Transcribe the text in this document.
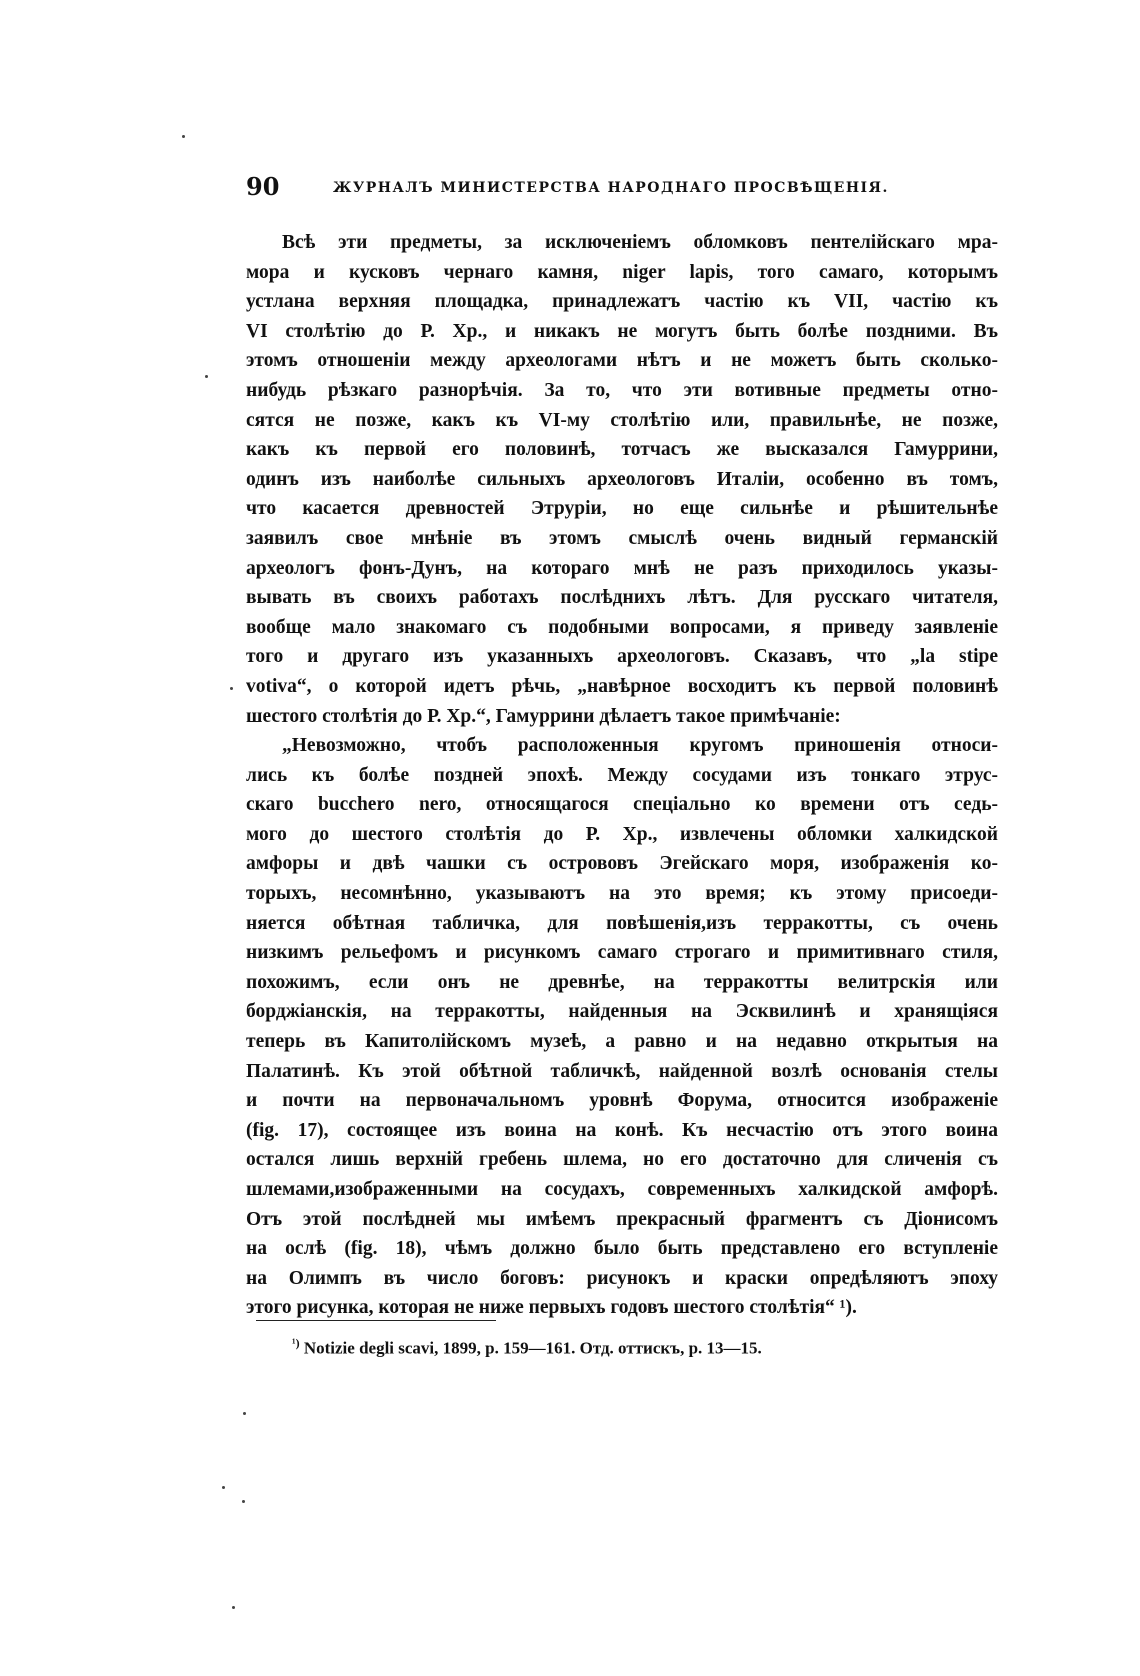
90	ЖУРНАЛЪ МИНИСТЕРСТВА НАРОДНАГО ПРОСВѢЩЕНІЯ.
Всѣ эти предметы, за исключеніемъ обломковъ пентелійскаго мра-
мора и кусковъ чернаго камня, niger lapis, того самаго, которымъ
устлана верхняя площадка, принадлежатъ частію къ VII, частію къ
VI столѣтію до Р. Хр., и никакъ не могутъ быть болѣе поздними. Въ
этомъ отношеніи между археологами нѣтъ и не можетъ быть сколько-
нибудь рѣзкаго разнорѣчія. За то, что эти вотивные предметы отно-
сятся не позже, какъ къ VI-му столѣтію или, правильнѣе, не позже,
какъ къ первой его половинѣ, тотчасъ же высказался Гамуррини,
одинъ изъ наиболѣе сильныхъ археологовъ Италіи, особенно въ томъ,
что касается древностей Этруріи, но еще сильнѣе и рѣшительнѣе
заявилъ свое мнѣніе въ этомъ смыслѣ очень видный германскій
археологъ фонъ-Дунъ, на котораго мнѣ не разъ приходилось указы-
вывать въ своихъ работахъ послѣднихъ лѣтъ. Для русскаго читателя,
вообще мало знакомаго съ подобными вопросами, я приведу заявленіе
того и другаго изъ указанныхъ археологовъ. Сказавъ, что „la stipe
votiva“, о которой идетъ рѣчь, „навѣрное восходитъ къ первой половинѣ
шестого столѣтія до Р. Хр.“, Гамуррини дѣлаетъ такое примѣчаніе:
„Невозможно, чтобъ расположенныя кругомъ приношенія относи-
лись къ болѣе поздней эпохѣ. Между сосудами изъ тонкаго этрус-
скаго bucchero nero, относящагося спеціально ко времени отъ седь-
мого до шестого столѣтія до Р. Хр., извлечены обломки халкидской
амфоры и двѣ чашки съ острововъ Эгейскаго моря, изображенія ко-
торыхъ, несомнѣнно, указываютъ на это время; къ этому присоеди-
няется обѣтная табличка, для повѣшенія,изъ терракотты, съ очень
низкимъ рельефомъ и рисункомъ самаго строгаго и примитивнаго стиля,
похожимъ, если онъ не древнѣе, на терракотты велитрскія или
борджіанскія, на терракотты, найденныя на Эсквилинѣ и хранящіяся
теперь въ Капитолійскомъ музеѣ, а равно и на недавно открытыя на
Палатинѣ. Къ этой обѣтной табличкѣ, найденной возлѣ основанія стелы
и почти на первоначальномъ уровнѣ Форума, относится изображеніе
(fig. 17), состоящее изъ воина на конѣ. Къ несчастію отъ этого воина
остался лишь верхній гребень шлема, но его достаточно для сличенія съ
шлемами,изображенными на сосудахъ, современныхъ халкидской амфорѣ.
Отъ этой послѣдней мы имѣемъ прекрасный фрагментъ съ Діонисомъ
на ослѣ (fig. 18), чѣмъ должно было быть представлено его вступленіе
на Олимпъ въ число боговъ: рисунокъ и краски опредѣляютъ эпоху
этого рисунка, которая не ниже первыхъ годовъ шестого столѣтія“ ¹).
$^{^1)}$ Notizie degli scavi, 1899, p. 159—161. Отд. оттискъ, p. 13—15.
